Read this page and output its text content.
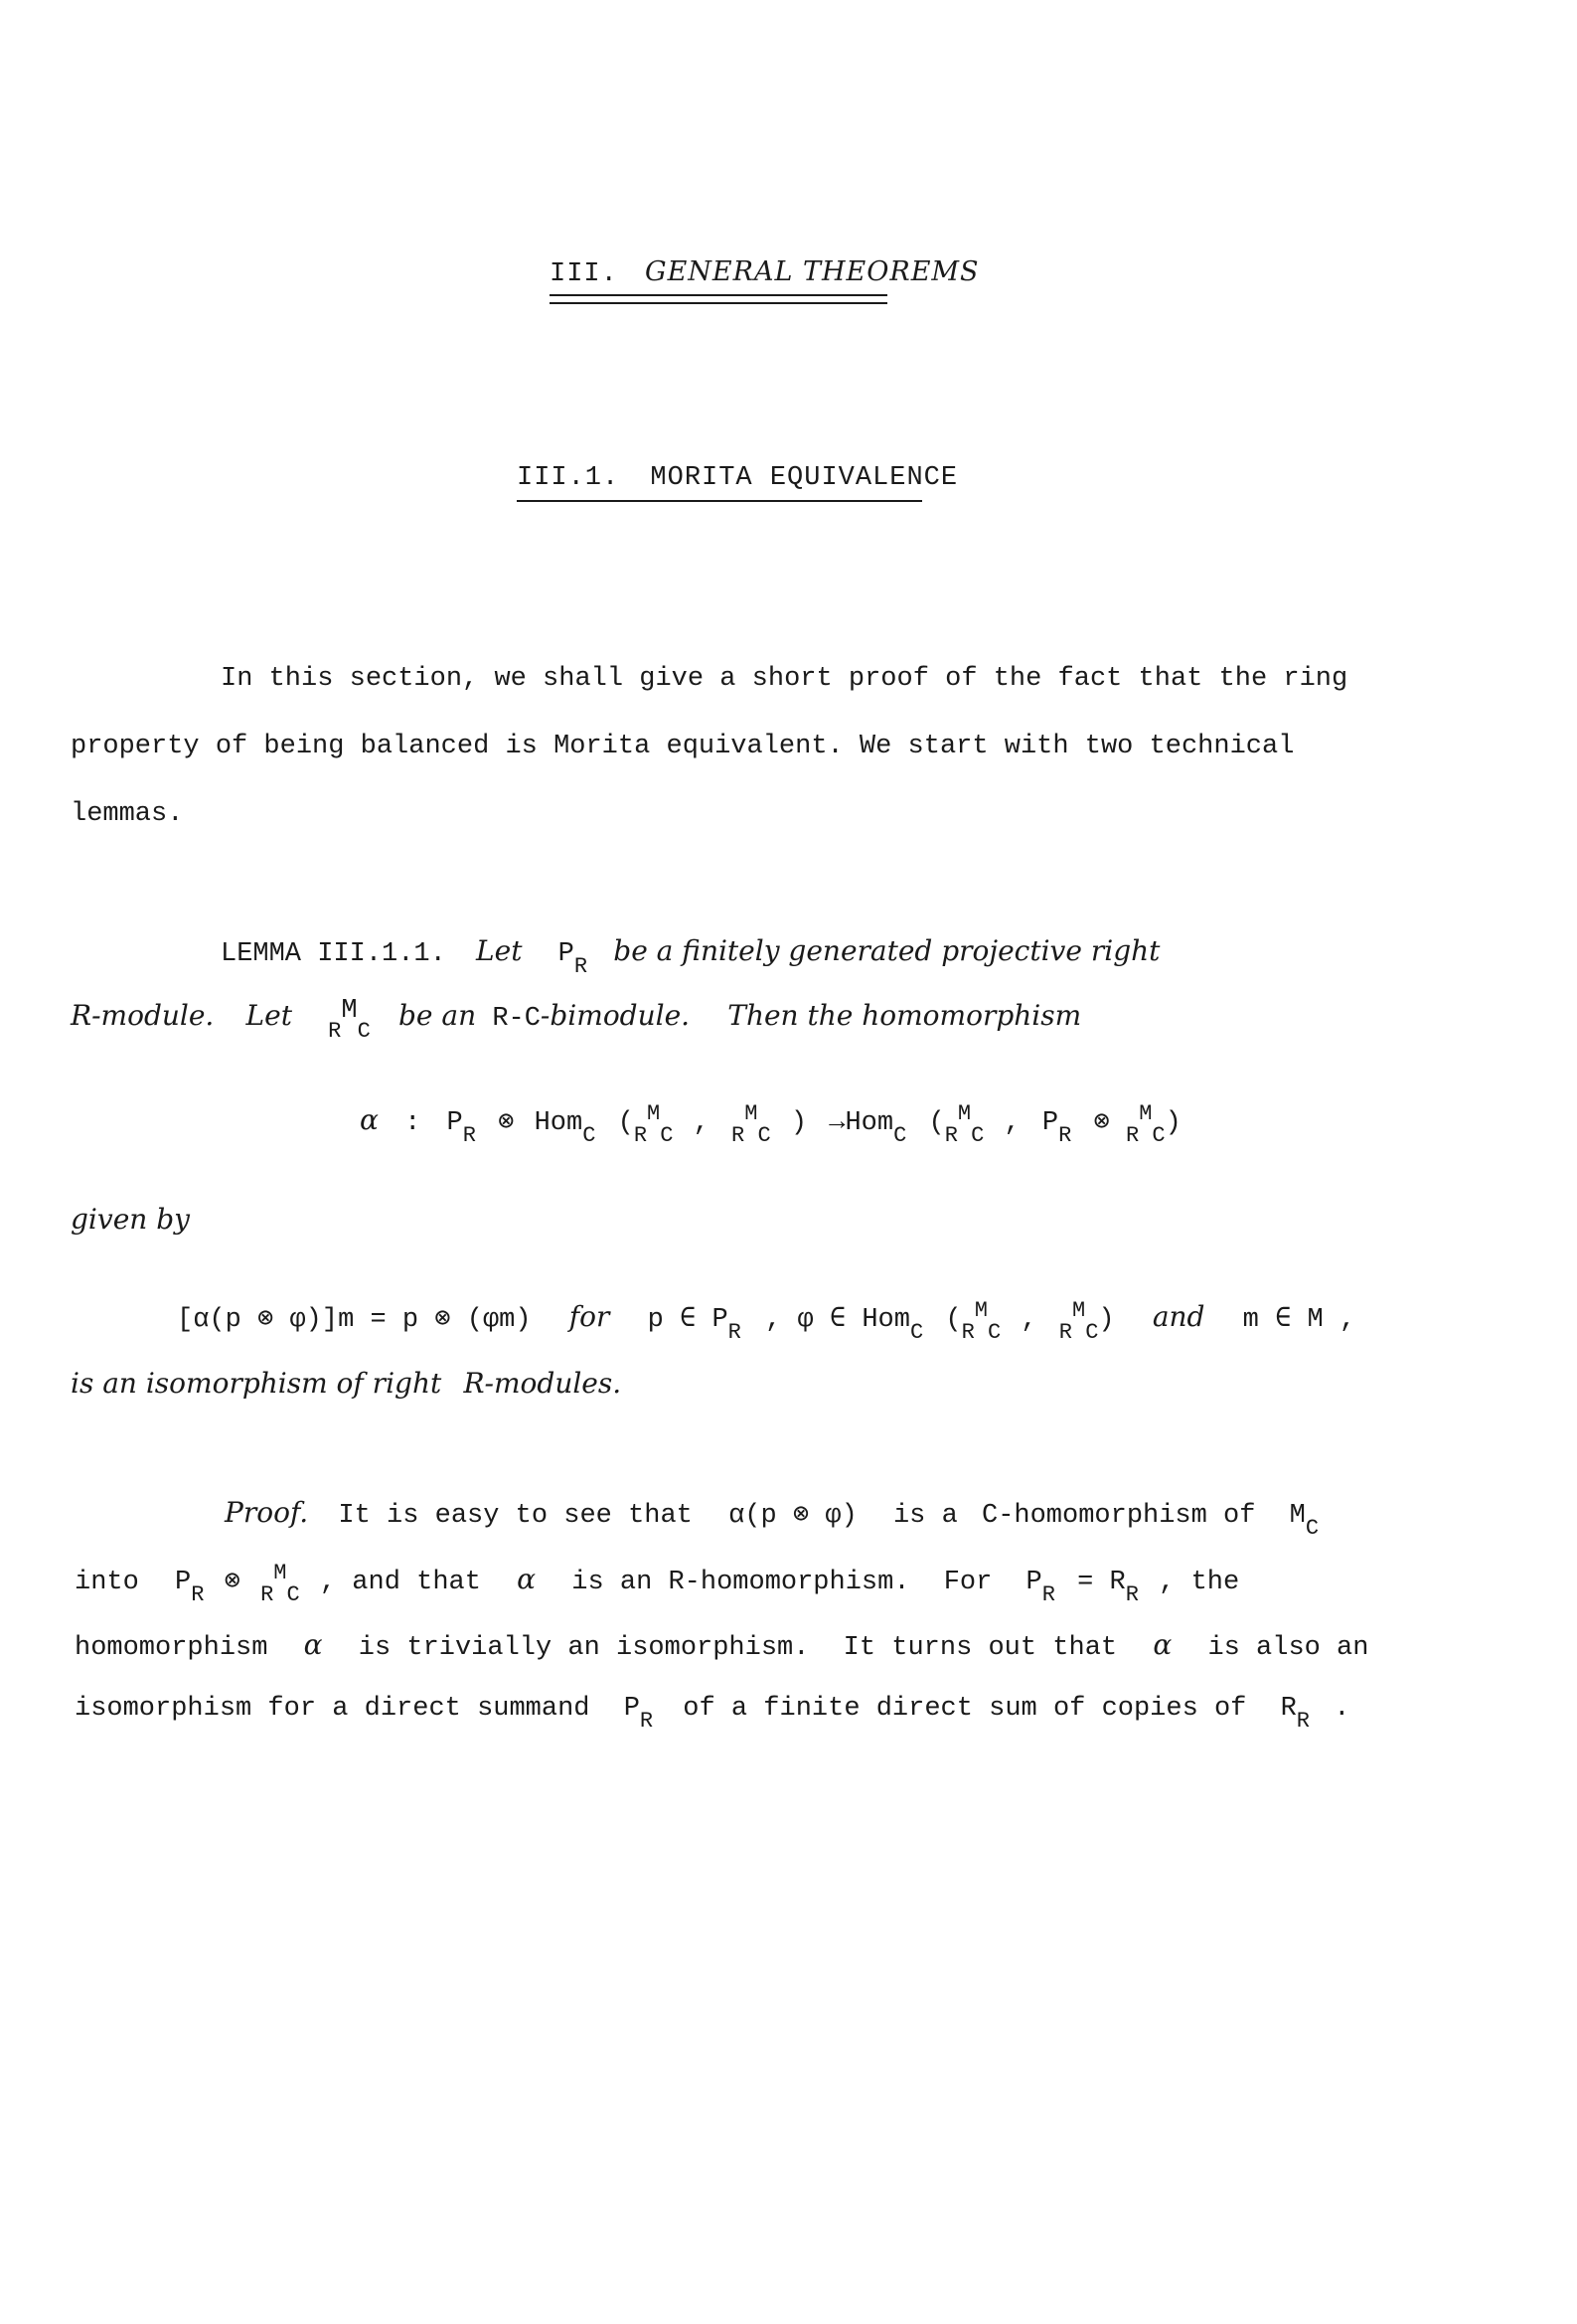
III. GENERAL THEOREMS
III.1. MORITA EQUIVALENCE
In this section, we shall give a short proof of the fact that the ring
property of being balanced is Morita equivalent. We start with two technical
lemmas.
LEMMA III.1.1. Let $P_R$ be a finitely generated projective right
R-module. Let $_RM_C$ be an R-C-bimodule. Then the homomorphism
α : $P_R$ ⊗ Hom$_C$ ($_R^M_C$ , $_R^M_C$ ) →Hom$_C$ ($_R^M_C$ , $P_R$ ⊗ $_R^M_C$)
given by
[α(p ⊗ φ)]m = p ⊗ (φm) for p ∈ $P_R$ , φ ∈ Hom$_C$ ($_R^M_C$ , $_R^M_C$) and m ∈ M ,
is an isomorphism of right R-modules.
Proof. It is easy to see that α(p ⊗ φ) is a C-homomorphism of $M_C$
into $P_R$ ⊗ $_R^M_C$ , and that α is an R-homomorphism. For $P_R = R_R$ , the
homomorphism α is trivially an isomorphism. It turns out that α is also an
isomorphism for a direct summand $P_R$ of a finite direct sum of copies of $R_R$ .
